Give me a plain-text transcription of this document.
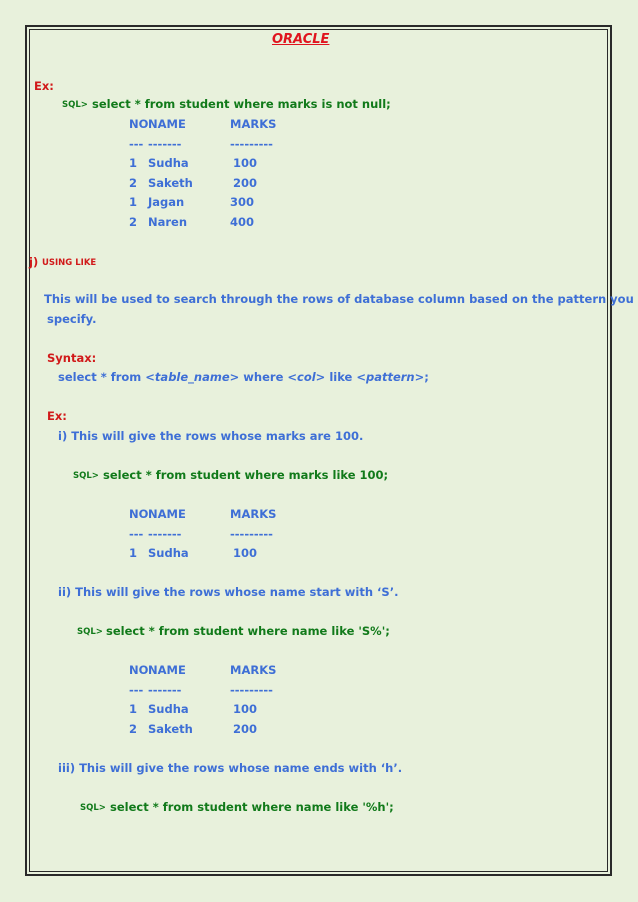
ORACLE
Ex:
SQL> select * from student where marks is not null;
NO NAME	MARKS
--- -------	---------
1 Sudha	100
2 Saketh	200
1 Jagan	300
2 Naren	400
j) USING LIKE
This will be used to search through the rows of database column based on the pattern you
specify.
Syntax:
select * from <table_name> where <col> like <pattern>;
Ex:
i) This will give the rows whose marks are 100.
SQL> select * from student where marks like 100;
NO NAME	MARKS
--- -------	---------
1 Sudha	100
ii) This will give the rows whose name start with ‘S’.
SQL> select * from student where name like 'S%';
NO NAME	MARKS
--- -------	---------
1 Sudha	100
2 Saketh	200
iii) This will give the rows whose name ends with ‘h’.
SQL> select * from student where name like '%h';
